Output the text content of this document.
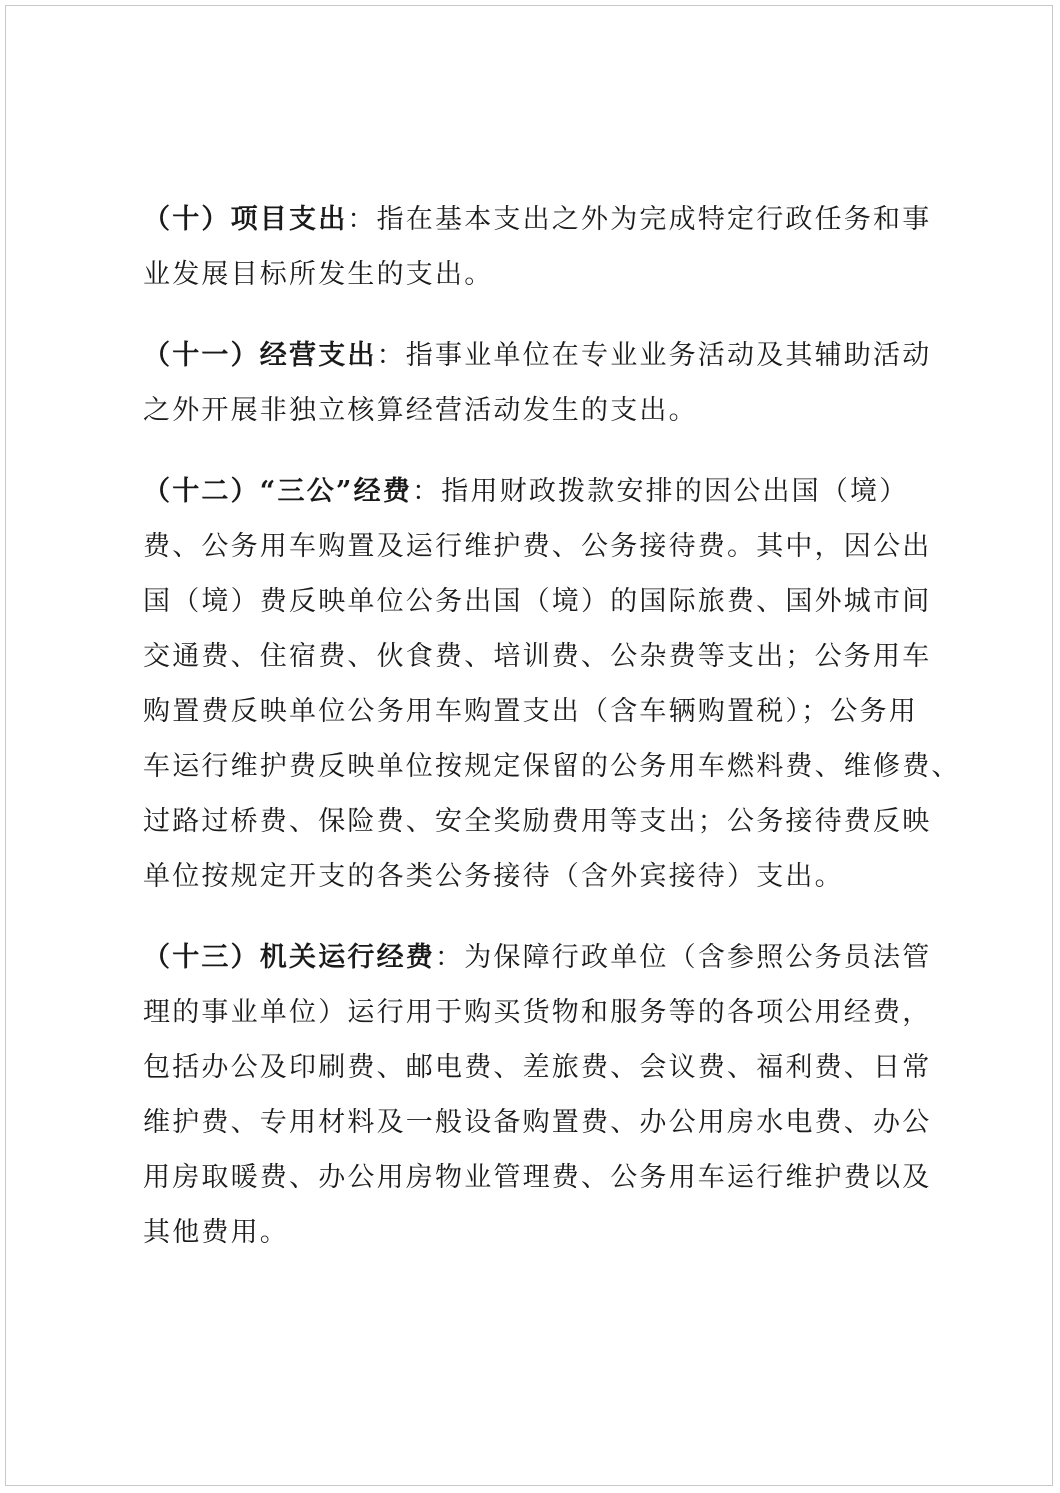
（十）项目支出：指在基本支出之外为完成特定行政任务和事
业发展目标所发生的支出。
（十一）经营支出：指事业单位在专业业务活动及其辅助活动
之外开展非独立核算经营活动发生的支出。
（十二）“三公”经费：指用财政拨款安排的因公出国（境）
费、公务用车购置及运行维护费、公务接待费。其中，因公出
国（境）费反映单位公务出国（境）的国际旅费、国外城市间
交通费、住宿费、伙食费、培训费、公杂费等支出；公务用车
购置费反映单位公务用车购置支出（含车辆购置税）；公务用
车运行维护费反映单位按规定保留的公务用车燃料费、维修费、
过路过桥费、保险费、安全奖励费用等支出；公务接待费反映
单位按规定开支的各类公务接待（含外宾接待）支出。
（十三）机关运行经费：为保障行政单位（含参照公务员法管
理的事业单位）运行用于购买货物和服务等的各项公用经费，
包括办公及印刷费、邮电费、差旅费、会议费、福利费、日常
维护费、专用材料及一般设备购置费、办公用房水电费、办公
用房取暖费、办公用房物业管理费、公务用车运行维护费以及
其他费用。
